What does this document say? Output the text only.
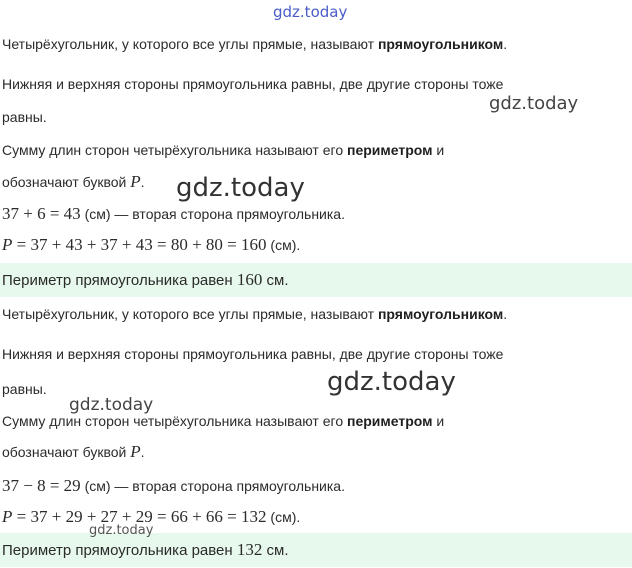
Четырёхугольник, у которого все углы прямые, называют прямоугольником.
Нижняя и верхняя стороны прямоугольника равны, две другие стороны тоже
равны.
Сумму длин сторон четырёхугольника называют его периметром и
обозначают буквой P.
37 + 6 = 43 (см) — вторая сторона прямоугольника.
P = 37 + 43 + 37 + 43 = 80 + 80 = 160 (см).
Периметр прямоугольника равен 160 см.
Четырёхугольник, у которого все углы прямые, называют прямоугольником.
Нижняя и верхняя стороны прямоугольника равны, две другие стороны тоже
равны.
Сумму длин сторон четырёхугольника называют его периметром и
обозначают буквой P.
37 − 8 = 29 (см) — вторая сторона прямоугольника.
P = 37 + 29 + 27 + 29 = 66 + 66 = 132 (см).
Периметр прямоугольника равен 132 см.
gdz.today
gdz.today
gdz.today
gdz.today
gdz.today
gdz.today
